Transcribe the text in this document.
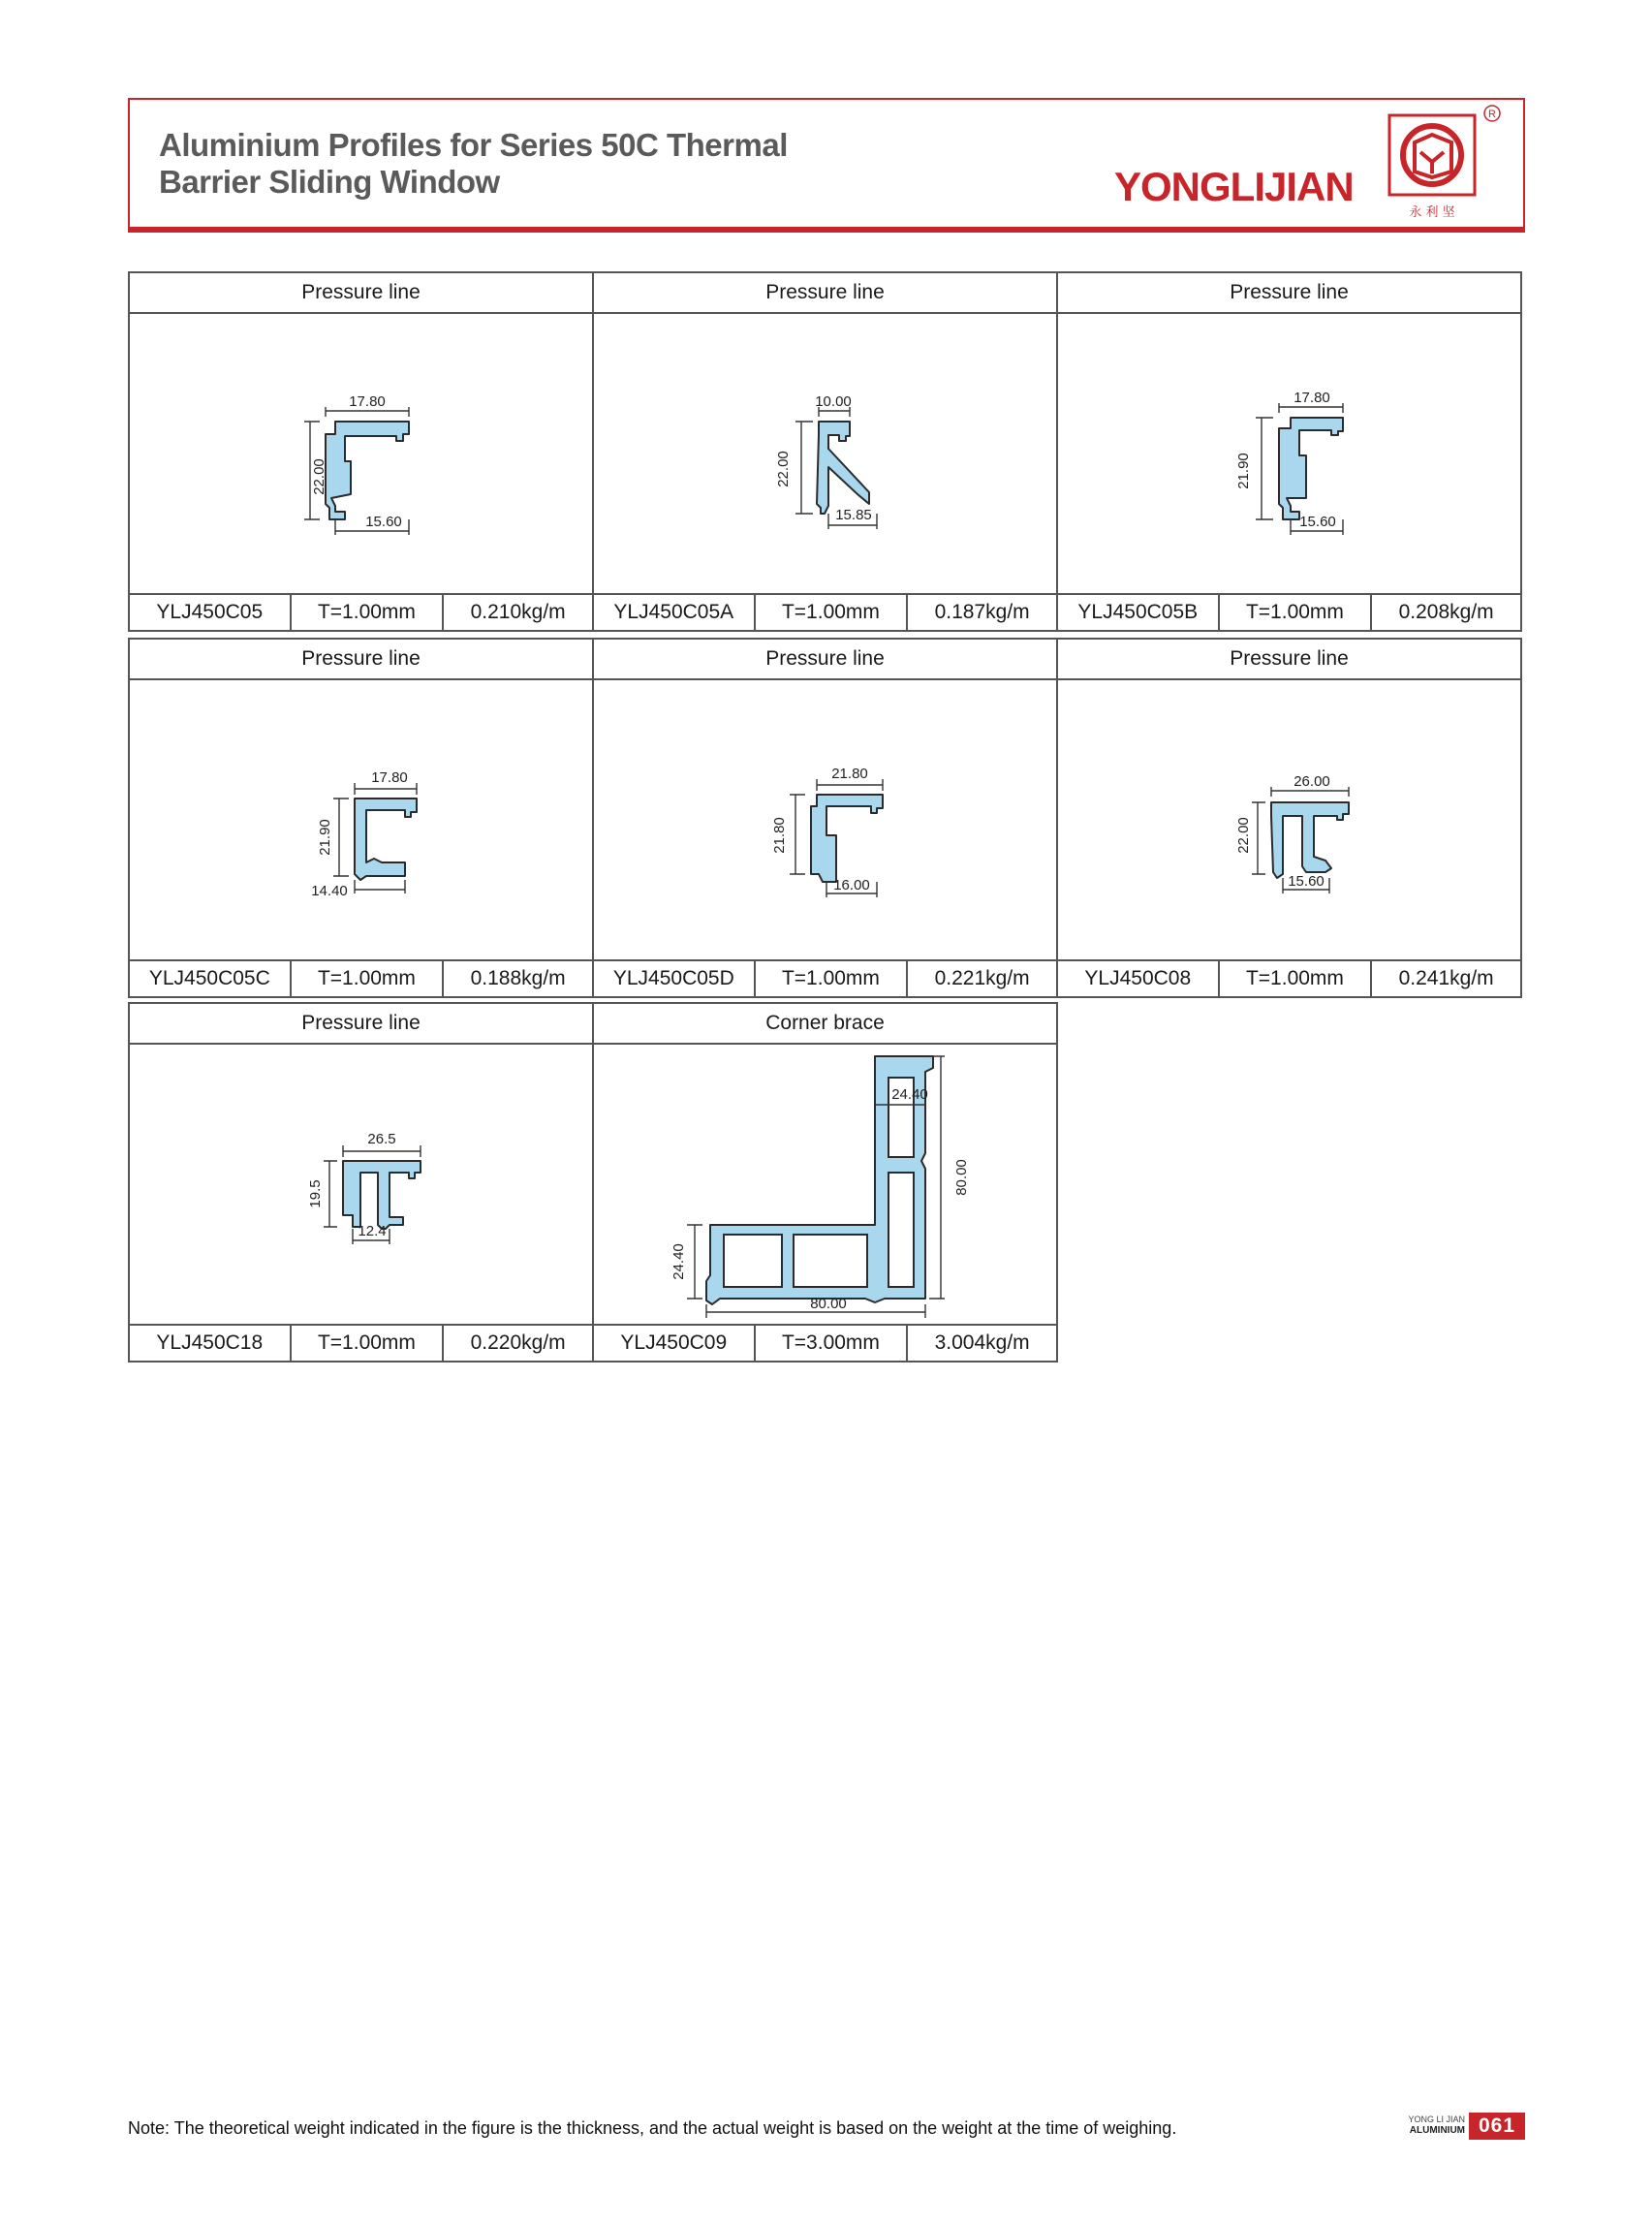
Aluminium Profiles for Series 50C Thermal
Barrier Sliding Window	YONGLIJIAN
永 利 坚
R
Pressure line
17.80
22.00
15.60
YLJ450C05	T=1.00mm	0.210kg/m
Pressure line
10.00
22.00
15.85
YLJ450C05A	T=1.00mm	0.187kg/m
Pressure line
17.80
21.90
15.60
YLJ450C05B	T=1.00mm	0.208kg/m
Pressure line
17.80
21.90
14.40
YLJ450C05C	T=1.00mm	0.188kg/m
Pressure line
21.80
21.80
16.00
YLJ450C05D	T=1.00mm	0.221kg/m
Pressure line
26.00
22.00
15.60
YLJ450C08	T=1.00mm	0.241kg/m
Pressure line
26.5
19.5
12.4
YLJ450C18	T=1.00mm	0.220kg/m
Corner brace
24.40
24.40
80.00
80.00
YLJ450C09	T=3.00mm	3.004kg/m
Note: The theoretical weight indicated in the figure is the thickness, and the actual weight is based on the weight at the time of weighing.	YONG LI JIAN
ALUMINIUM 061
